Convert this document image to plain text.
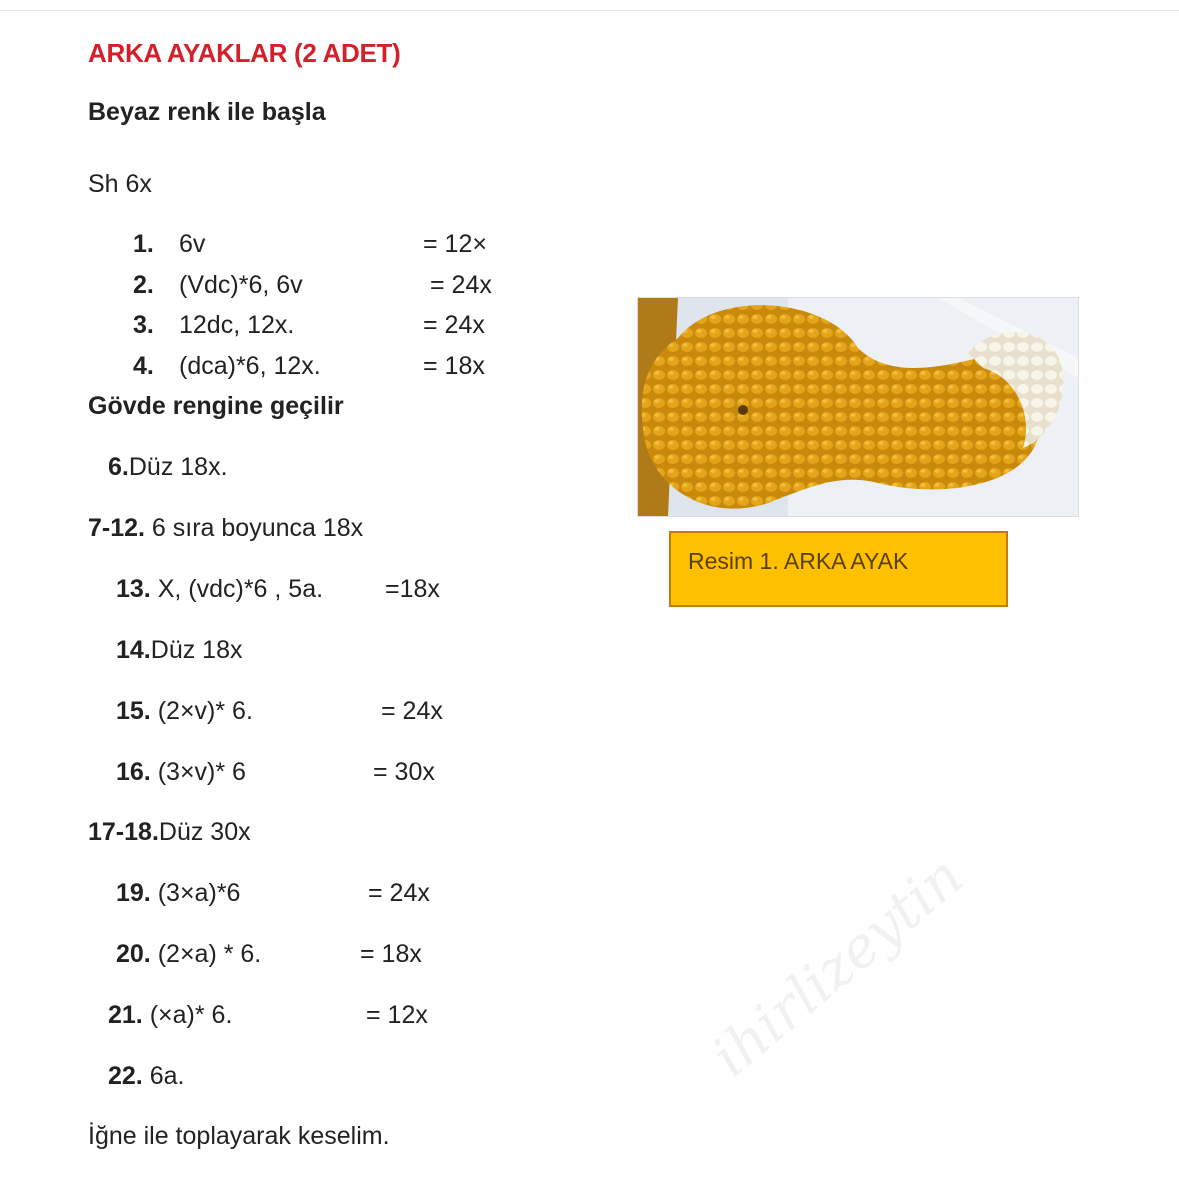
ARKA AYAKLAR (2 ADET)
Beyaz renk ile başla
Sh 6x
1. 6v	= 12×
2. (Vdc)*6, 6v	= 24x
3. 12dc, 12x.	= 24x
4. (dca)*6, 12x.	= 18x
Gövde rengine geçilir
6.Düz 18x.
7-12. 6 sıra boyunca 18x
13. X, (vdc)*6 , 5a. =18x
14.Düz 18x
15. (2×v)* 6.	= 24x
16. (3×v)* 6	= 30x
17-18.Düz 30x
19. (3×a)*6	= 24x
20. (2×a) * 6.	= 18x
21. (×a)* 6.	= 12x
22. 6a.
İğne ile toplayarak keselim.
Resim 1. ARKA AYAK
ihirlizeytin
